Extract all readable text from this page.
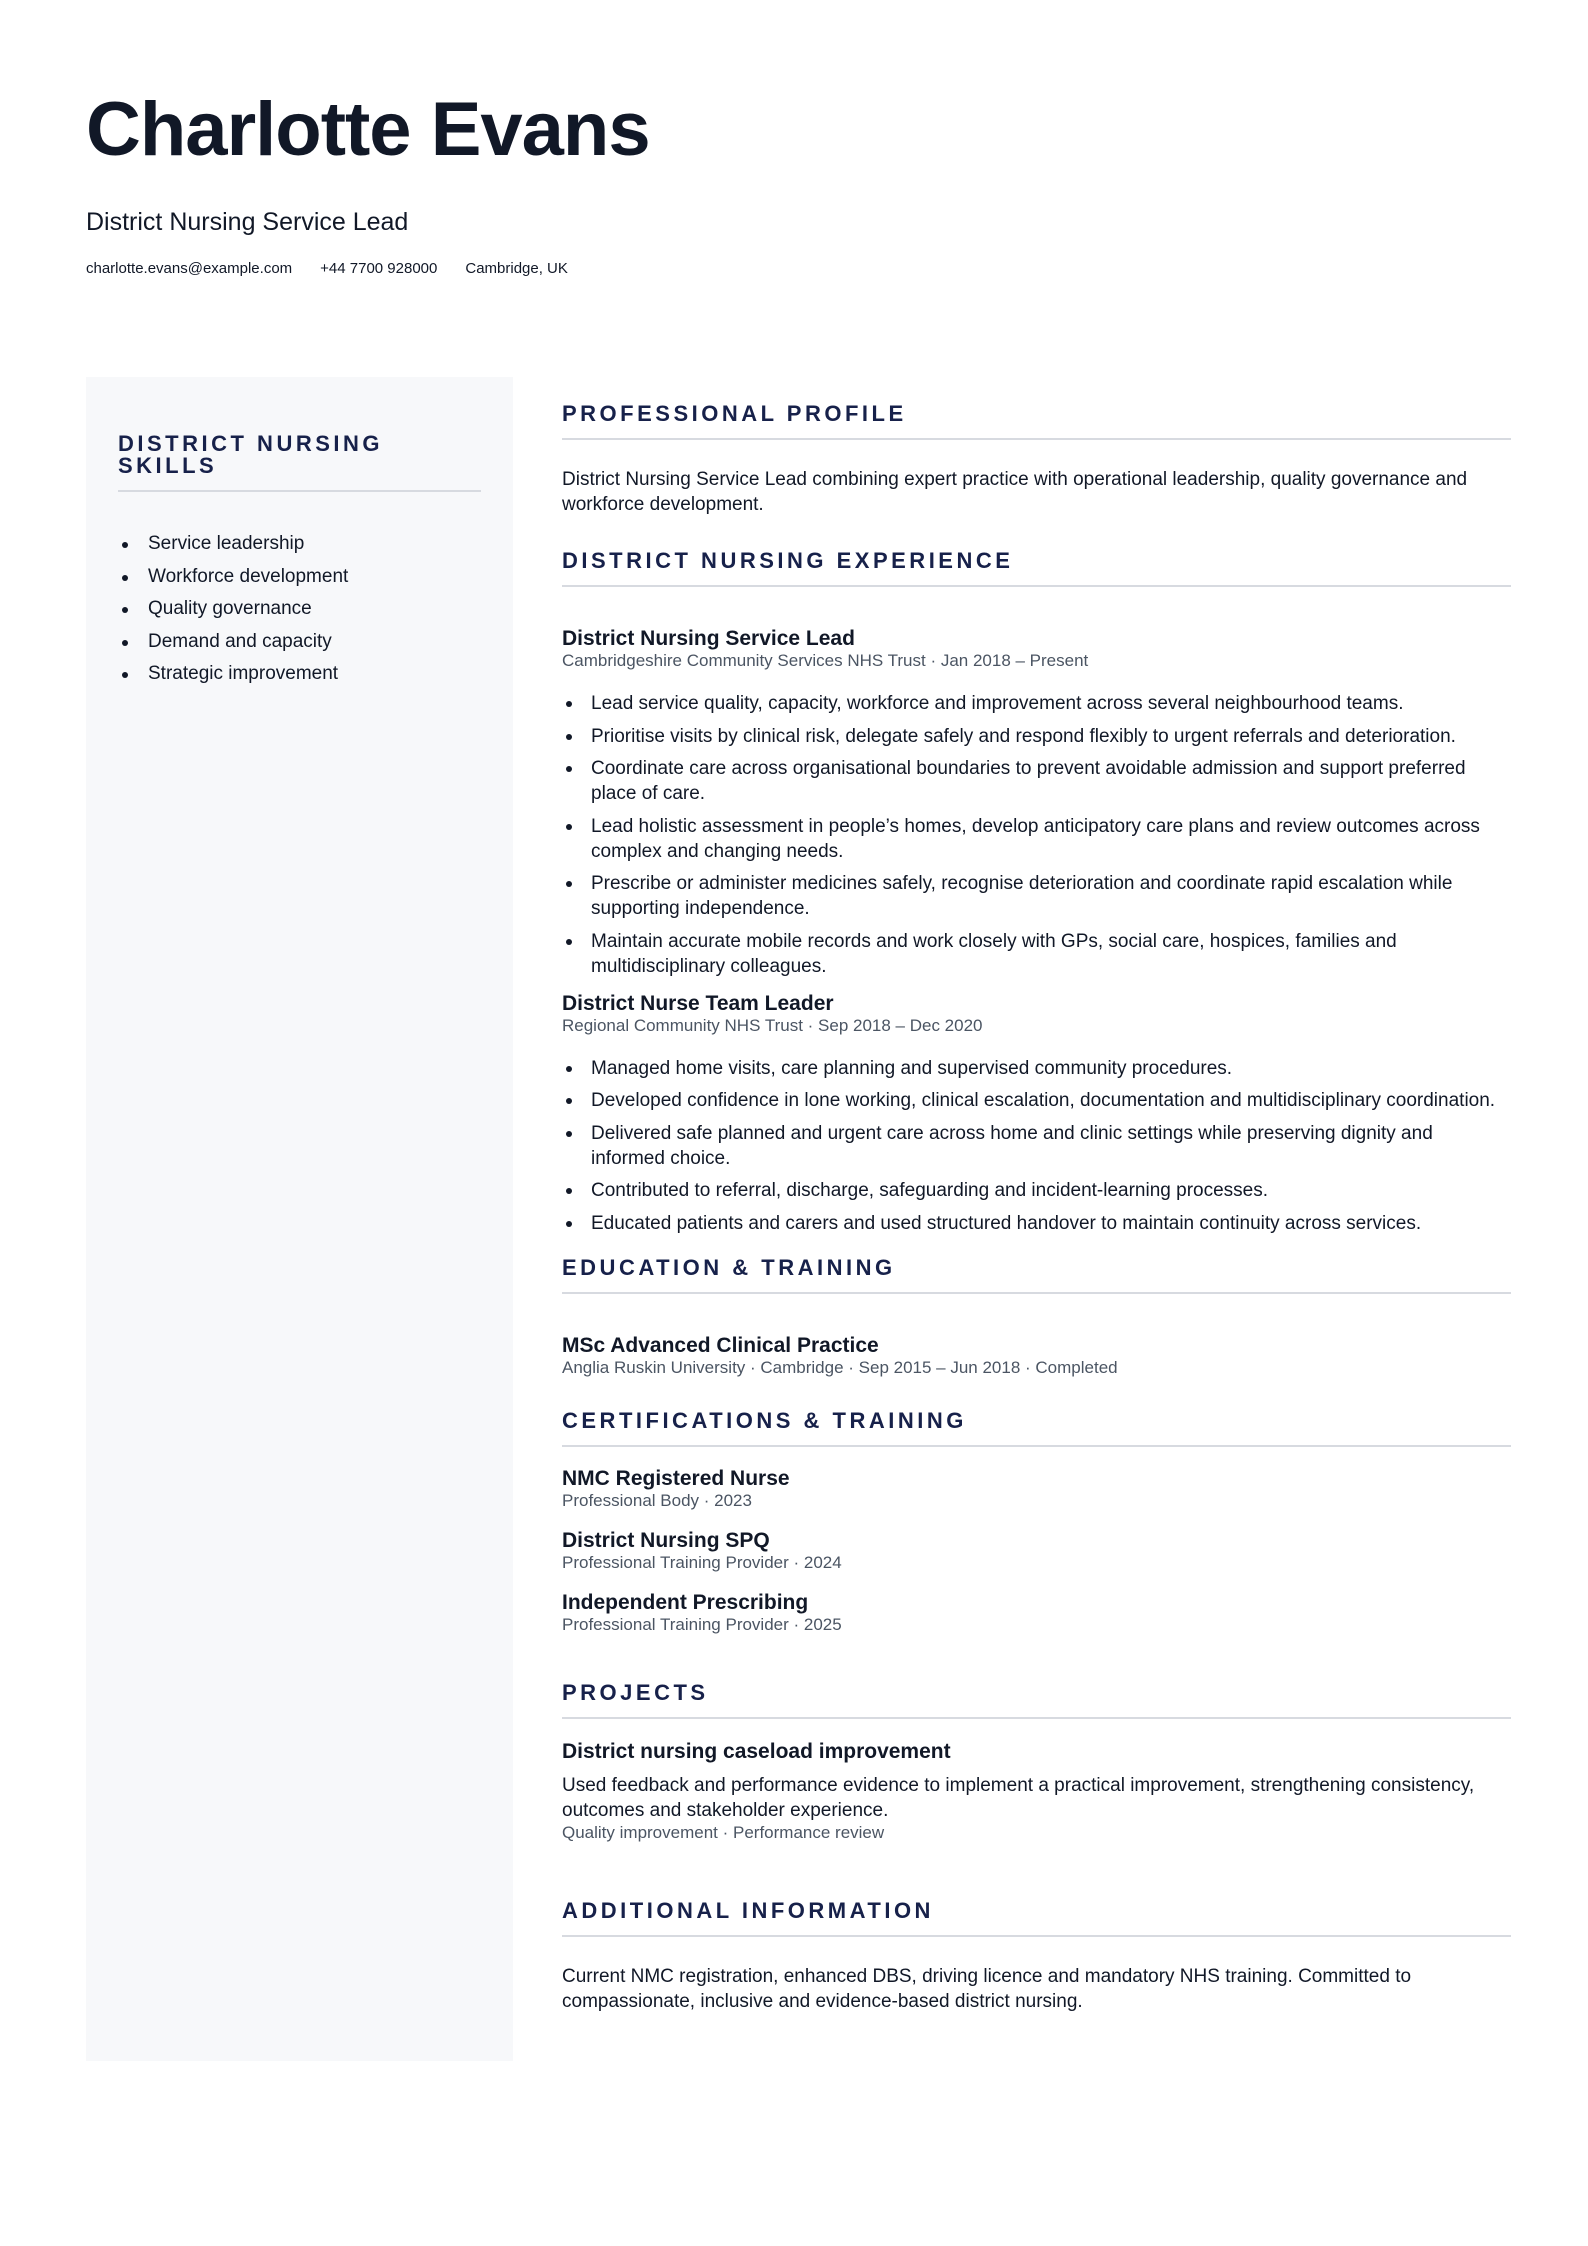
Charlotte Evans
District Nursing Service Lead
charlotte.evans@example.com +44 7700 928000 Cambridge, UK
DISTRICT NURSING SKILLS
Service leadership
Workforce development
Quality governance
Demand and capacity
Strategic improvement
PROFESSIONAL PROFILE
District Nursing Service Lead combining expert practice with operational leadership, quality governance and workforce development.
DISTRICT NURSING EXPERIENCE
District Nursing Service Lead
Cambridgeshire Community Services NHS Trust · Jan 2018 – Present
Lead service quality, capacity, workforce and improvement across several neighbourhood teams.
Prioritise visits by clinical risk, delegate safely and respond flexibly to urgent referrals and deterioration.
Coordinate care across organisational boundaries to prevent avoidable admission and support preferred place of care.
Lead holistic assessment in people’s homes, develop anticipatory care plans and review outcomes across complex and changing needs.
Prescribe or administer medicines safely, recognise deterioration and coordinate rapid escalation while supporting independence.
Maintain accurate mobile records and work closely with GPs, social care, hospices, families and multidisciplinary colleagues.
District Nurse Team Leader
Regional Community NHS Trust · Sep 2018 – Dec 2020
Managed home visits, care planning and supervised community procedures.
Developed confidence in lone working, clinical escalation, documentation and multidisciplinary coordination.
Delivered safe planned and urgent care across home and clinic settings while preserving dignity and informed choice.
Contributed to referral, discharge, safeguarding and incident-learning processes.
Educated patients and carers and used structured handover to maintain continuity across services.
EDUCATION & TRAINING
MSc Advanced Clinical Practice
Anglia Ruskin University · Cambridge · Sep 2015 – Jun 2018 · Completed
CERTIFICATIONS & TRAINING
NMC Registered Nurse
Professional Body · 2023
District Nursing SPQ
Professional Training Provider · 2024
Independent Prescribing
Professional Training Provider · 2025
PROJECTS
District nursing caseload improvement
Used feedback and performance evidence to implement a practical improvement, strengthening consistency, outcomes and stakeholder experience.
Quality improvement · Performance review
ADDITIONAL INFORMATION
Current NMC registration, enhanced DBS, driving licence and mandatory NHS training. Committed to compassionate, inclusive and evidence-based district nursing.
